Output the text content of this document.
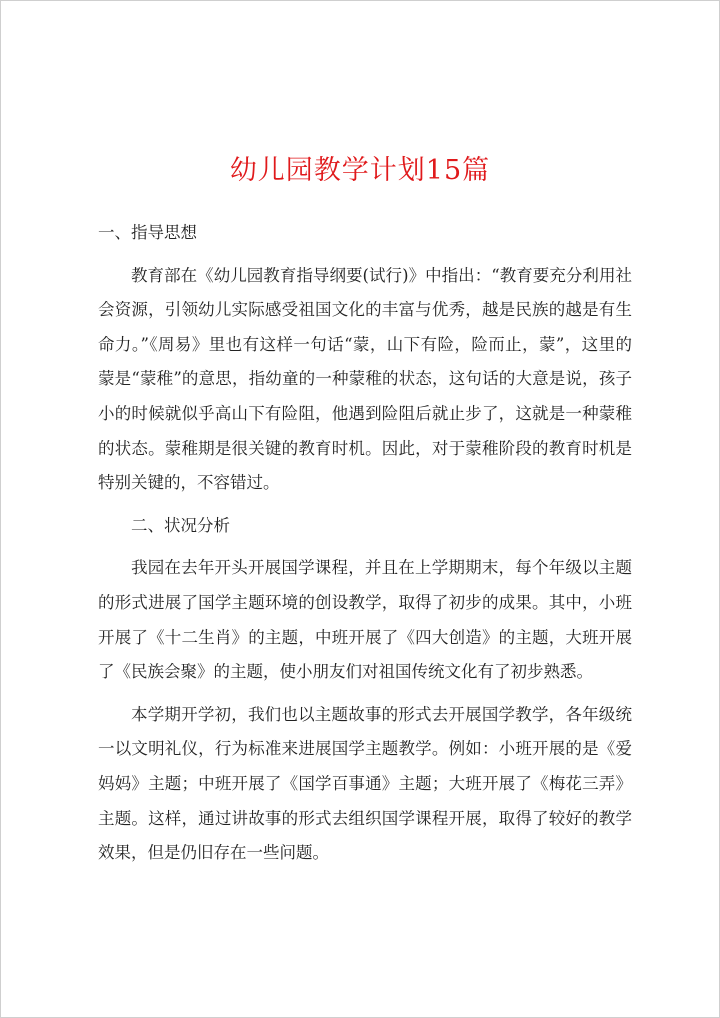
幼儿园教学计划15篇

一、指导思想

教育部在《幼儿园教育指导纲要(试行)》中指出：“教育要充分利用社会资源，引领幼儿实际感受祖国文化的丰富与优秀，越是民族的越是有生命力。”《周易》里也有这样一句话“蒙，山下有险，险而止，蒙”，这里的蒙是“蒙稚”的意思，指幼童的一种蒙稚的状态，这句话的大意是说，孩子小的时候就似乎高山下有险阻，他遇到险阻后就止步了，这就是一种蒙稚的状态。蒙稚期是很关键的教育时机。因此，对于蒙稚阶段的教育时机是特别关键的，不容错过。

二、状况分析

我园在去年开头开展国学课程，并且在上学期期末，每个年级以主题的形式进展了国学主题环境的创设教学，取得了初步的成果。其中，小班开展了《十二生肖》的主题，中班开展了《四大创造》的主题，大班开展了《民族会聚》的主题，使小朋友们对祖国传统文化有了初步熟悉。

本学期开学初，我们也以主题故事的形式去开展国学教学，各年级统一以文明礼仪，行为标准来进展国学主题教学。例如：小班开展的是《爱妈妈》主题；中班开展了《国学百事通》主题；大班开展了《梅花三弄》主题。这样，通过讲故事的形式去组织国学课程开展，取得了较好的教学效果，但是仍旧存在一些问题。
